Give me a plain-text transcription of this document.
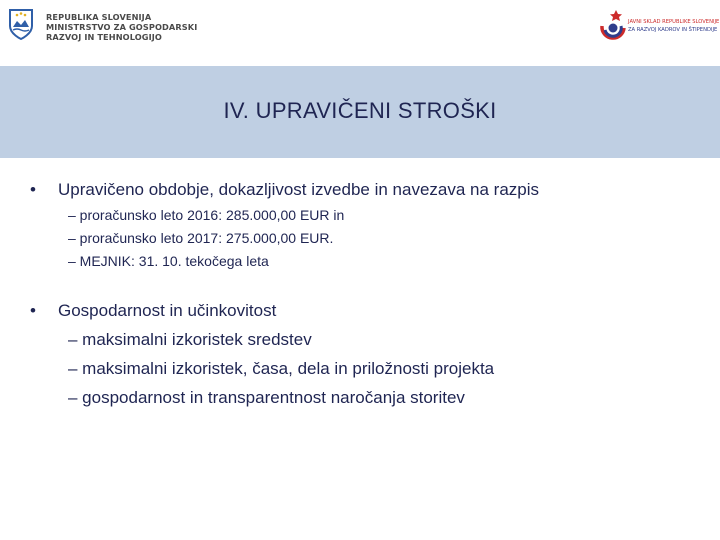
REPUBLIKA SLOVENIJA
MINISTRSTVO ZA GOSPODARSKI
RAZVOJ IN TEHNOLOGIJO
JAVNI SKLAD REPUBLIKE SLOVENIJE
ZA RAZVOJ KADROV IN ŠTIPENDIJE
IV. UPRAVIČENI STROŠKI
• Upravičeno obdobje, dokazljivost izvedbe in navezava na razpis
– proračunsko leto 2016: 285.000,00 EUR in
– proračunsko leto 2017: 275.000,00 EUR.
– MEJNIK: 31. 10. tekočega leta
• Gospodarnost in učinkovitost
– maksimalni izkoristek sredstev
– maksimalni izkoristek, časa, dela in priložnosti projekta
– gospodarnost in transparentnost naročanja storitev
